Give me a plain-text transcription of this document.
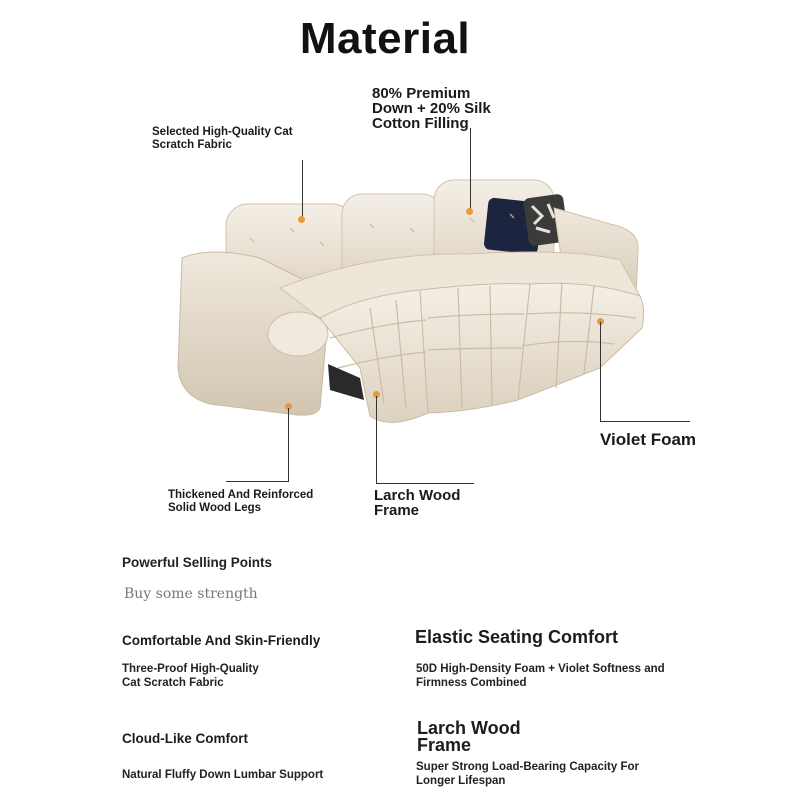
Material
80% Premium
Down + 20% Silk
Cotton Filling
Selected High-Quality Cat
Scratch Fabric
Violet Foam
Thickened And Reinforced
Solid Wood Legs
Larch Wood
Frame
Powerful Selling Points
Buy some strength
Comfortable And Skin-Friendly
Three-Proof High-Quality
Cat Scratch Fabric
Elastic Seating Comfort
50D High-Density Foam + Violet Softness and
Firmness Combined
Cloud-Like Comfort
Natural Fluffy Down Lumbar Support
Larch Wood
Frame
Super Strong Load-Bearing Capacity For
Longer Lifespan
